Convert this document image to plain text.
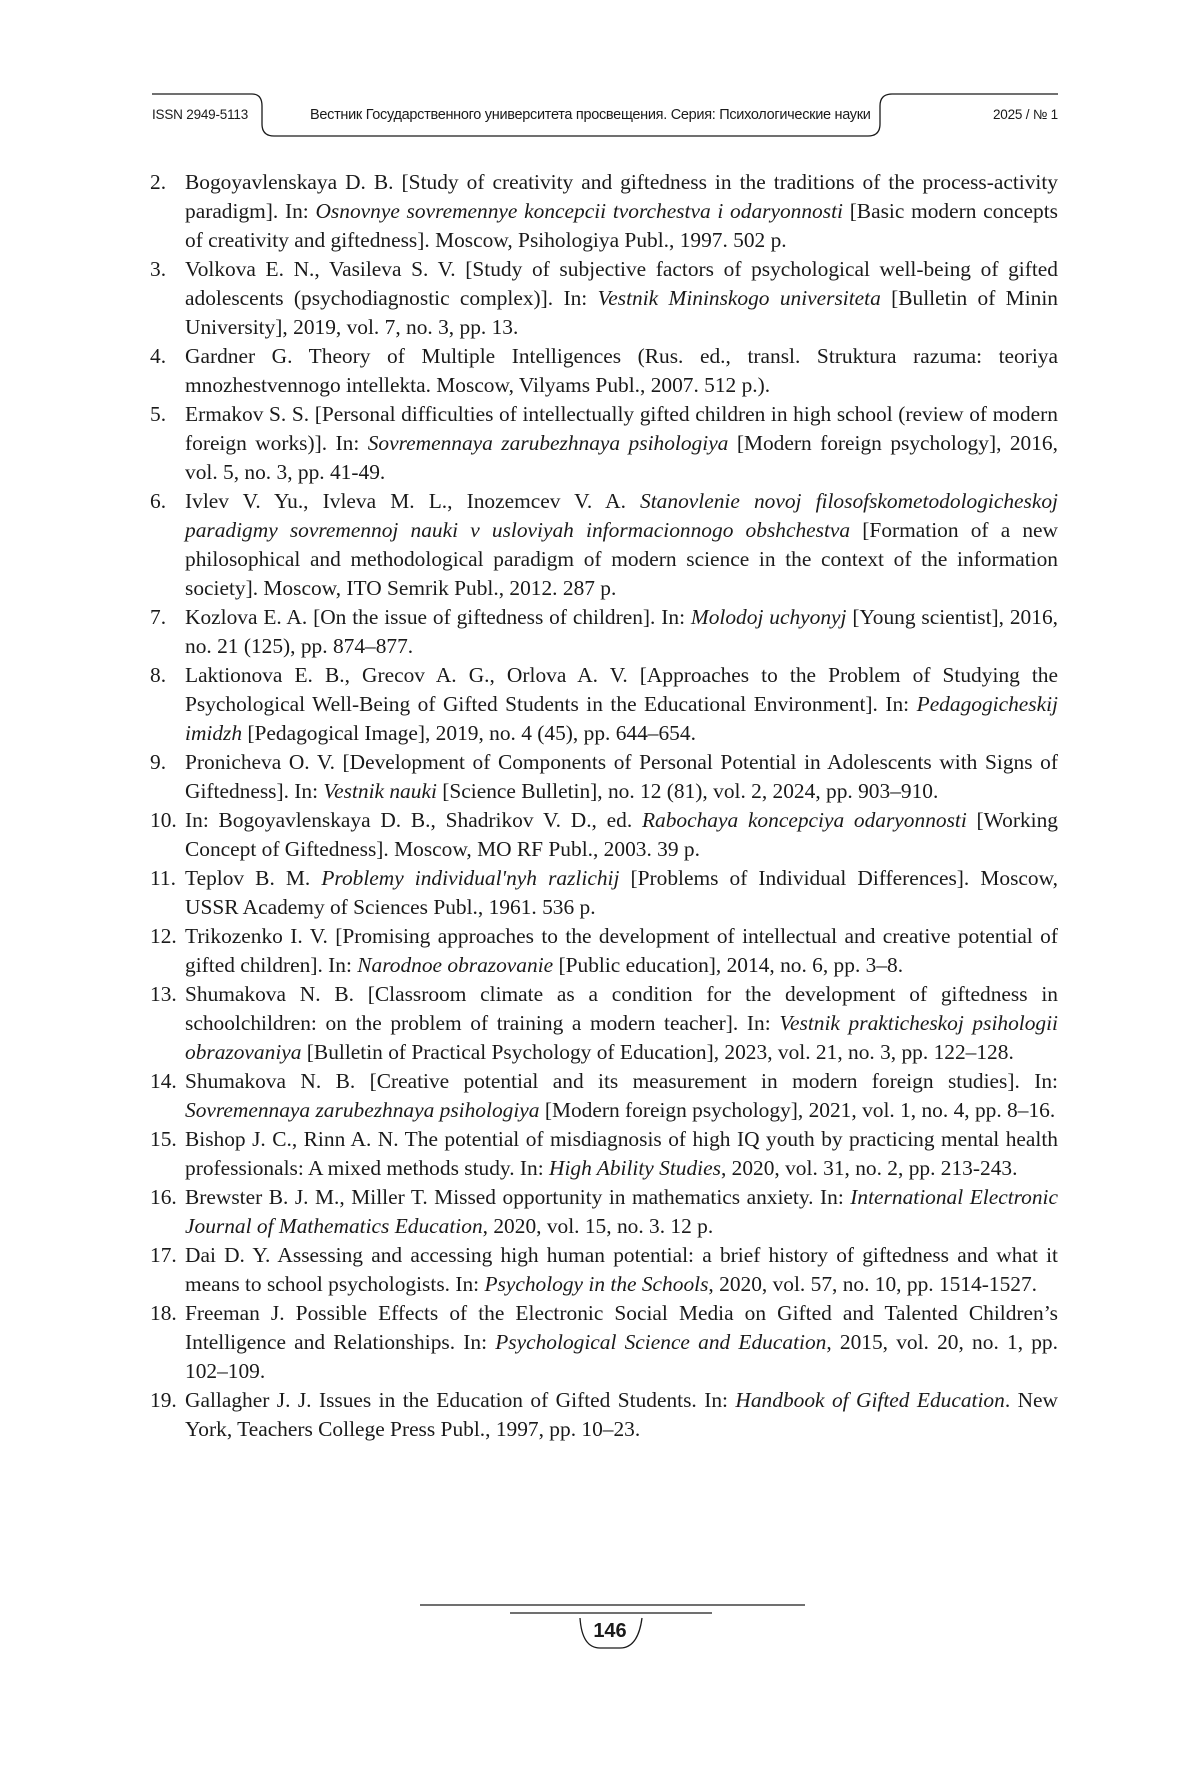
ISSN 2949-5113	Вестник Государственного университета просвещения. Серия: Психологические науки	2025 / № 1
2. Bogoyavlenskaya D. B. [Study of creativity and giftedness in the traditions of the process-activity paradigm]. In: Osnovnye sovremennye koncepcii tvorchestva i odaryonnosti [Basic modern concepts of creativity and giftedness]. Moscow, Psihologiya Publ., 1997. 502 p.
3. Volkova E. N., Vasileva S. V. [Study of subjective factors of psychological well-being of gifted adolescents (psychodiagnostic complex)]. In: Vestnik Mininskogo universiteta [Bulletin of Minin University], 2019, vol. 7, no. 3, pp. 13.
4. Gardner G. Theory of Multiple Intelligences (Rus. ed., transl. Struktura razuma: teoriya mnozhestvennogo intellekta. Moscow, Vilyams Publ., 2007. 512 p.).
5. Ermakov S. S. [Personal difficulties of intellectually gifted children in high school (review of modern foreign works)]. In: Sovremennaya zarubezhnaya psihologiya [Modern foreign psychology], 2016, vol. 5, no. 3, pp. 41-49.
6. Ivlev V. Yu., Ivleva M. L., Inozemcev V. A. Stanovlenie novoj filosofskometodologicheskoj paradigmy sovremennoj nauki v usloviyah informacionnogo obshchestva [Formation of a new philosophical and methodological paradigm of modern science in the context of the information society]. Moscow, ITO Semrik Publ., 2012. 287 p.
7. Kozlova E. A. [On the issue of giftedness of children]. In: Molodoj uchyonyj [Young scientist], 2016, no. 21 (125), pp. 874–877.
8. Laktionova E. B., Grecov A. G., Orlova A. V. [Approaches to the Problem of Studying the Psychological Well-Being of Gifted Students in the Educational Environment]. In: Pedagogicheskij imidzh [Pedagogical Image], 2019, no. 4 (45), pp. 644–654.
9. Pronicheva O. V. [Development of Components of Personal Potential in Adolescents with Signs of Giftedness]. In: Vestnik nauki [Science Bulletin], no. 12 (81), vol. 2, 2024, pp. 903–910.
10. In: Bogoyavlenskaya D. B., Shadrikov V. D., ed. Rabochaya koncepciya odaryonnosti [Working Concept of Giftedness]. Moscow, MO RF Publ., 2003. 39 p.
11. Teplov B. M. Problemy individual'nyh razlichij [Problems of Individual Differences]. Moscow, USSR Academy of Sciences Publ., 1961. 536 p.
12. Trikozenko I. V. [Promising approaches to the development of intellectual and creative potential of gifted children]. In: Narodnoe obrazovanie [Public education], 2014, no. 6, pp. 3–8.
13. Shumakova N. B. [Classroom climate as a condition for the development of giftedness in schoolchildren: on the problem of training a modern teacher]. In: Vestnik prakticheskoj psihologii obrazovaniya [Bulletin of Practical Psychology of Education], 2023, vol. 21, no. 3, pp. 122–128.
14. Shumakova N. B. [Creative potential and its measurement in modern foreign studies]. In: Sovremennaya zarubezhnaya psihologiya [Modern foreign psychology], 2021, vol. 1, no. 4, pp. 8–16.
15. Bishop J. C., Rinn A. N. The potential of misdiagnosis of high IQ youth by practicing mental health professionals: A mixed methods study. In: High Ability Studies, 2020, vol. 31, no. 2, pp. 213-243.
16. Brewster B. J. M., Miller T. Missed opportunity in mathematics anxiety. In: International Electronic Journal of Mathematics Education, 2020, vol. 15, no. 3. 12 p.
17. Dai D. Y. Assessing and accessing high human potential: a brief history of giftedness and what it means to school psychologists. In: Psychology in the Schools, 2020, vol. 57, no. 10, pp. 1514-1527.
18. Freeman J. Possible Effects of the Electronic Social Media on Gifted and Talented Children’s Intelligence and Relationships. In: Psychological Science and Education, 2015, vol. 20, no. 1, pp. 102–109.
19. Gallagher J. J. Issues in the Education of Gifted Students. In: Handbook of Gifted Education. New York, Teachers College Press Publ., 1997, pp. 10–23.
146
